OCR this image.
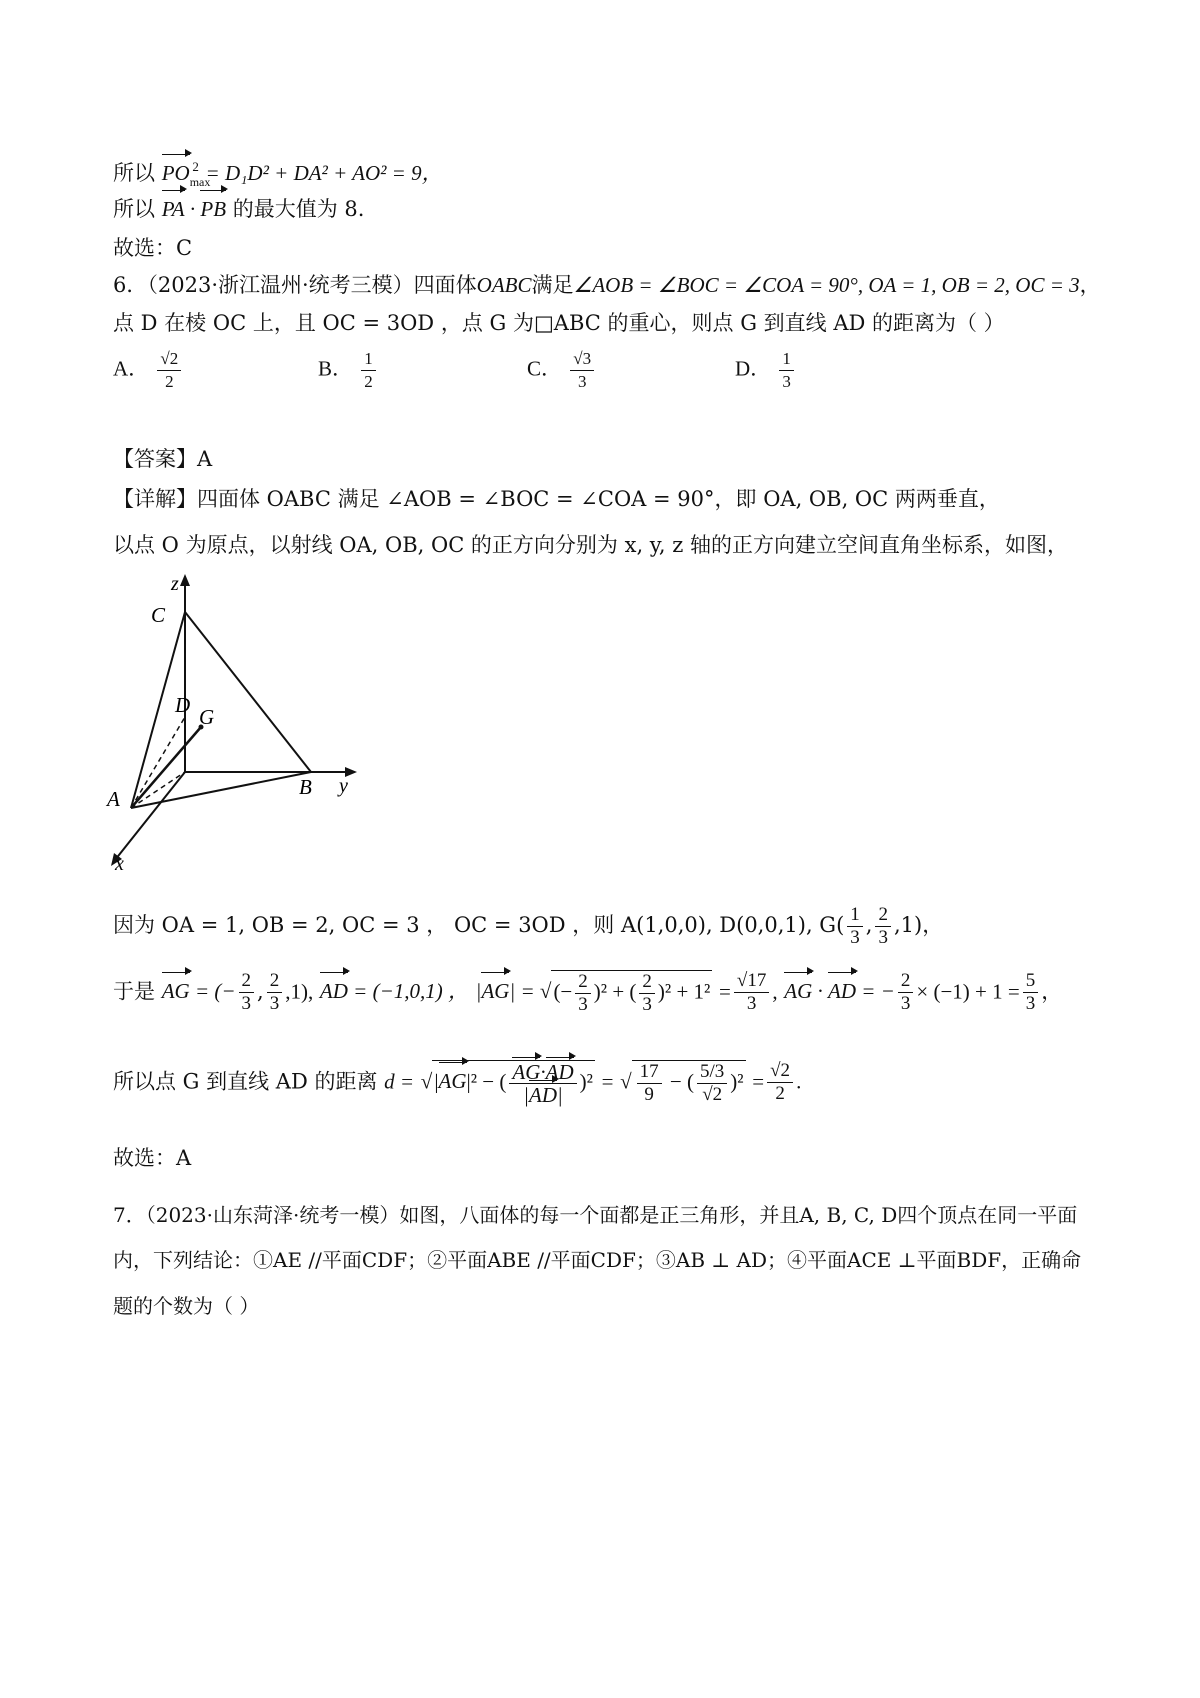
所以 $PO_{max}^2 = D_1D^2 + DA^2 + AO^2 = 9$，
所以 PA · PB 的最大值为 8.
故选：C
6．（2023·浙江温州·统考三模）四面体OABC满足∠AOB = ∠BOC = ∠COA = 90°, OA = 1, OB = 2, OC = 3，
点 D 在棱 OC 上，且 OC = 3OD ，点 G 为□ABC 的重心，则点 G 到直线 AD 的距离为（ ）
A． $\frac{√2}{2}$	B． $\frac{1}{2}$	C． $\frac{√3}{3}$	D． $\frac{1}{3}$
【答案】A
【详解】四面体 OABC 满足 ∠AOB = ∠BOC = ∠COA = 90°，即 OA, OB, OC 两两垂直，
以点 O 为原点，以射线 OA, OB, OC 的正方向分别为 x, y, z 轴的正方向建立空间直角坐标系，如图，
z
C
D G
A	B y
x
因为 OA = 1, OB = 2, OC = 3 ， OC = 3OD ，则 A(1,0,0), D(0,0,1), $G( \frac{1}{3}$ , $\frac{2}{3} ,1$)，
于是 AG = (− $\frac{2}{3}$ , $\frac{2}{3} ,1$), AD = (−1,0,1) ， |AG| = √(− $\frac{2}{3} )^2$ + ( $\frac{2}{3} )^2 + 1^2 = \frac{√17}{3}$ , AG · AD = − $\frac{2}{3} \times (-1) + 1 = \frac{5}{3}$ ，
所以点 G 到直线 AD 的距离 d = √|AG|² − ( $\frac{AG\cdot AD}{|AD|} )^2$ = √ $\frac{17}{9}$ − ( $\frac{5/3}{√2} )^2 = \frac{√2}{2}$ .
故选：A
7．（2023·山东菏泽·统考一模）如图，八面体的每一个面都是正三角形，并且A, B, C, D四个顶点在同一平面
内，下列结论：①AE //平面CDF；②平面ABE //平面CDF；③AB ⊥ AD；④平面ACE ⊥平面BDF，正确命
题的个数为（ ）
